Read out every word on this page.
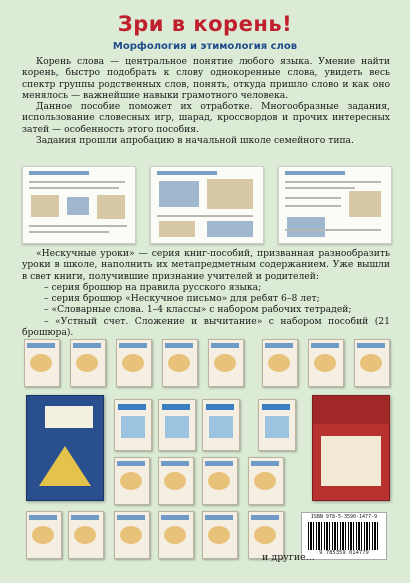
Зри в корень!
Морфология и этимология слов

Корень слова — центральное понятие любого языка. Умение найти корень, быстро подобрать к слову однокоренные слова, увидеть весь спектр группы родственных слов, понять, откуда пришло слово и как оно менялось — важнейшие навыки грамотного человека.

Данное пособие поможет их отработке. Многообразные задания, использование словесных игр, шарад, кроссвордов и прочих интересных затей — особенность этого пособия.

Задания прошли апробацию в начальной школе семейного типа.

«Нескучные уроки» — серия книг-пособий, призванная разнообразить уроки в школе, наполнить их метапредметным содержанием. Уже вышли в свет книги, получившие признание учителей и родителей:

– серия брошюр на правила русского языка;

– серия брошюр «Нескучное письмо» для ребят 6–8 лет;

– «Словарные слова. 1–4 классы» с набором рабочих тетрадей;

– «Устный счет. Сложение и вычитание» с набором пособий (21 брошюра).

ISBN 978-5-3590-1477-9
9 785359 014779
и другие...
